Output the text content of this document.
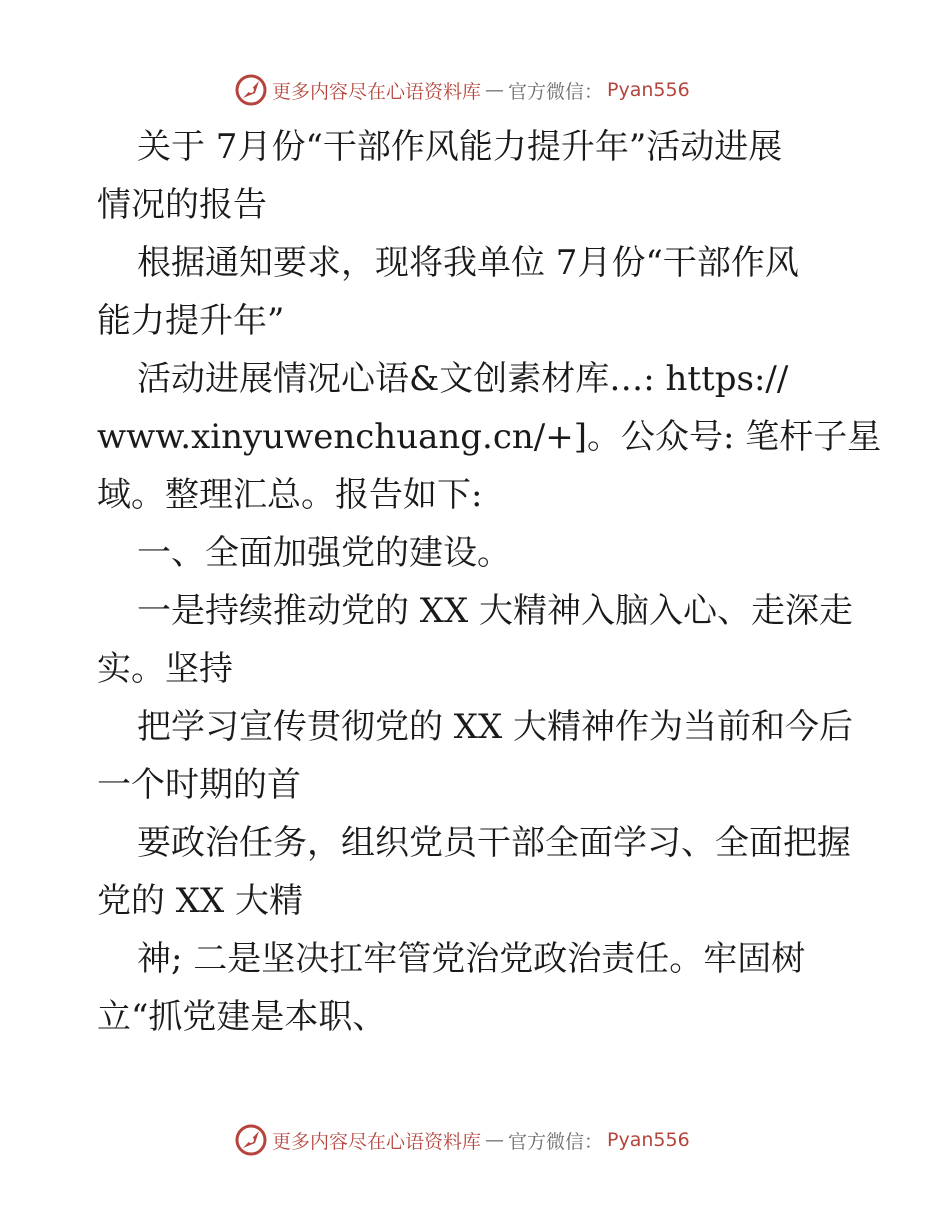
更多内容尽在心语资料库 — 官方微信： Pyan556
关于 7月份“干部作风能力提升年”活动进展
情况的报告
根据通知要求，现将我单位 7月份“干部作风
能力提升年”
活动进展情况心语&文创素材库…: https://
www.xinyuwenchuang.cn/+]。公众号: 笔杆子星
域。整理汇总。报告如下:
一、全面加强党的建设。
一是持续推动党的 XX 大精神入脑入心、走深走
实。坚持
把学习宣传贯彻党的 XX 大精神作为当前和今后
一个时期的首
要政治任务，组织党员干部全面学习、全面把握
党的 XX 大精
神; 二是坚决扛牢管党治党政治责任。牢固树
立“抓党建是本职、
更多内容尽在心语资料库 — 官方微信： Pyan556
